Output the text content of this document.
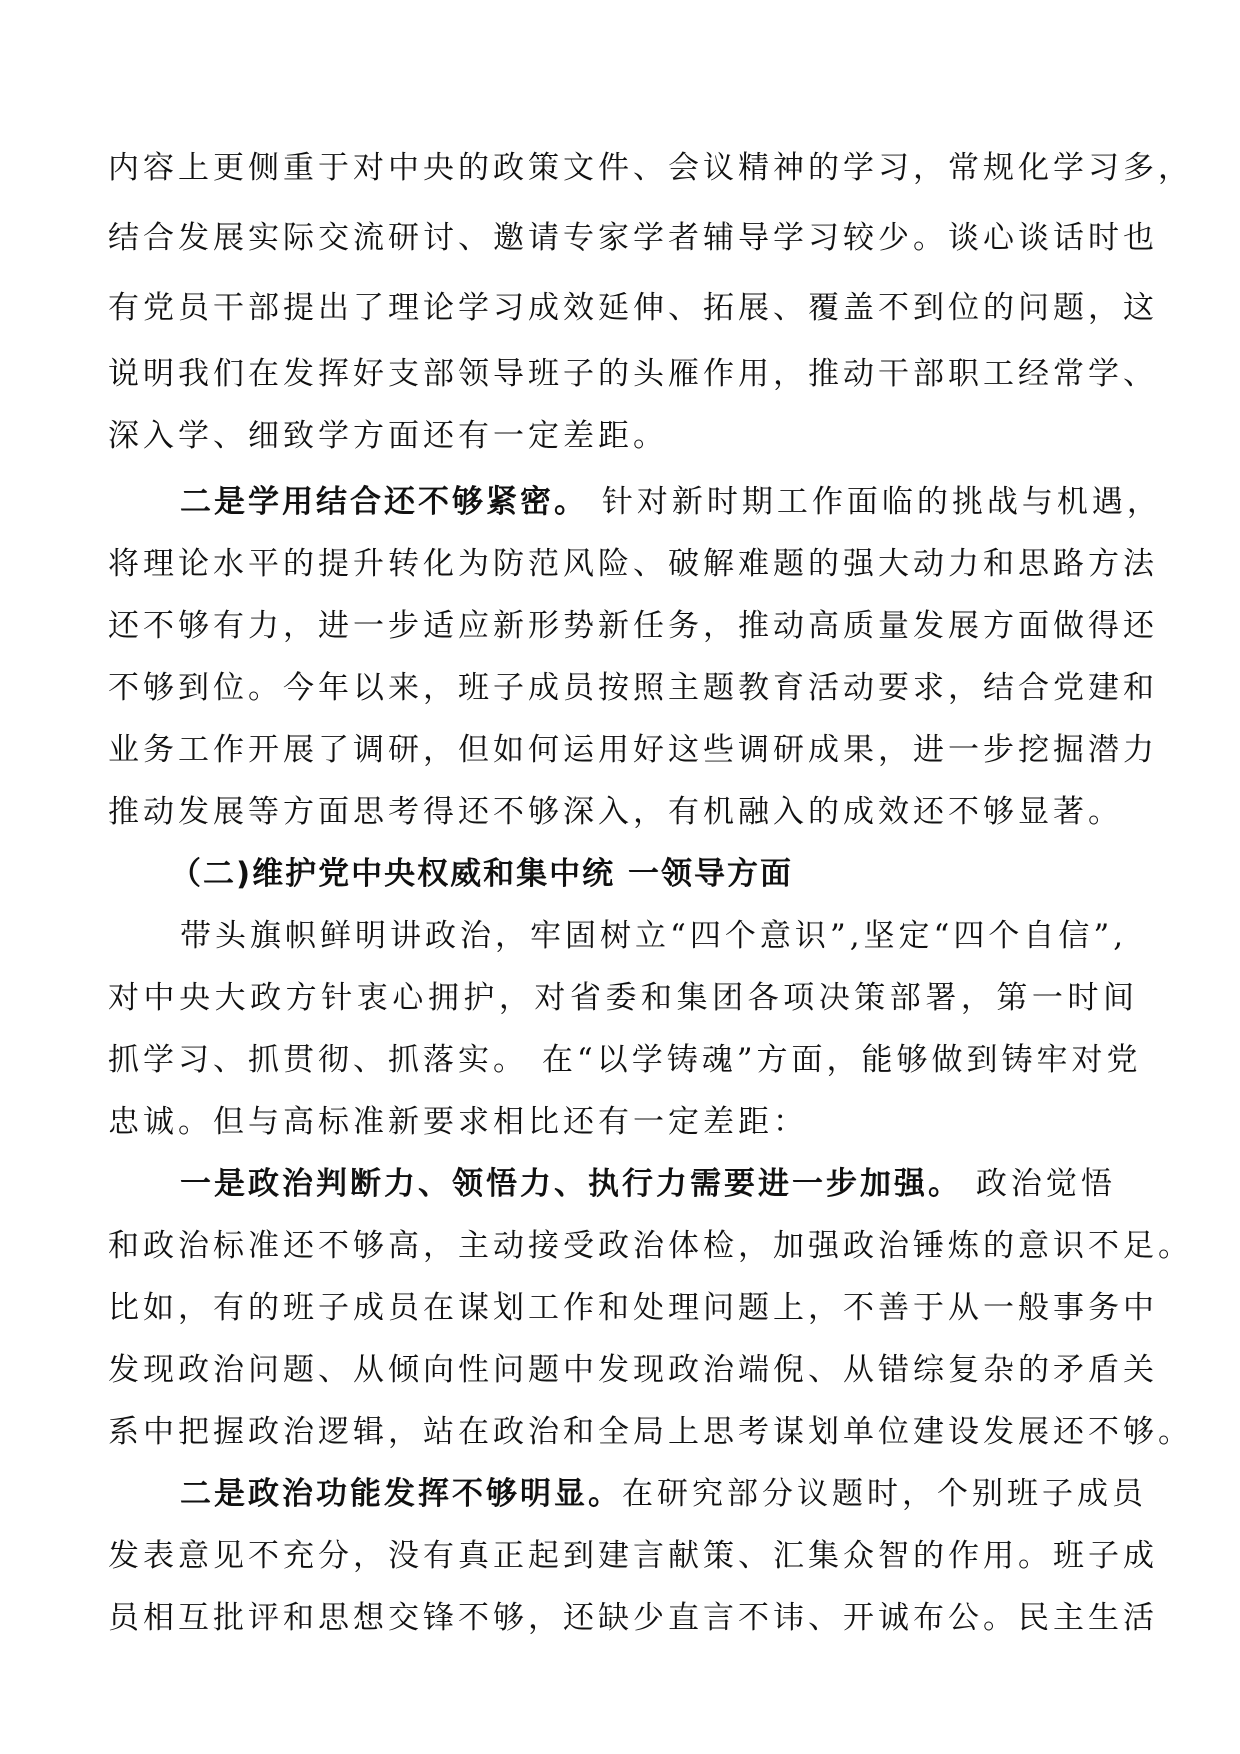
内容上更侧重于对中央的政策文件、会议精神的学习，常规化学习多，
结合发展实际交流研讨、邀请专家学者辅导学习较少。谈心谈话时也
有党员干部提出了理论学习成效延伸、拓展、覆盖不到位的问题，这
说明我们在发挥好支部领导班子的头雁作用，推动干部职工经常学、
深入学、细致学方面还有一定差距。
二是学用结合还不够紧密。 针对新时期工作面临的挑战与机遇，
将理论水平的提升转化为防范风险、破解难题的强大动力和思路方法
还不够有力，进一步适应新形势新任务，推动高质量发展方面做得还
不够到位。今年以来，班子成员按照主题教育活动要求，结合党建和
业务工作开展了调研，但如何运用好这些调研成果，进一步挖掘潜力
推动发展等方面思考得还不够深入，有机融入的成效还不够显著。
（二)维护党中央权威和集中统 一领导方面
带头旗帜鲜明讲政治，牢固树立“四个意识”,坚定“四个自信”,
对中央大政方针衷心拥护，对省委和集团各项决策部署，第一时间
抓学习、抓贯彻、抓落实。 在“以学铸魂”方面，能够做到铸牢对党
忠诚。但与高标准新要求相比还有一定差距：
一是政治判断力、领悟力、执行力需要进一步加强。 政治觉悟
和政治标准还不够高，主动接受政治体检，加强政治锤炼的意识不足。
比如，有的班子成员在谋划工作和处理问题上，不善于从一般事务中
发现政治问题、从倾向性问题中发现政治端倪、从错综复杂的矛盾关
系中把握政治逻辑，站在政治和全局上思考谋划单位建设发展还不够。
二是政治功能发挥不够明显。在研究部分议题时，个别班子成员
发表意见不充分，没有真正起到建言献策、汇集众智的作用。班子成
员相互批评和思想交锋不够，还缺少直言不讳、开诚布公。民主生活
